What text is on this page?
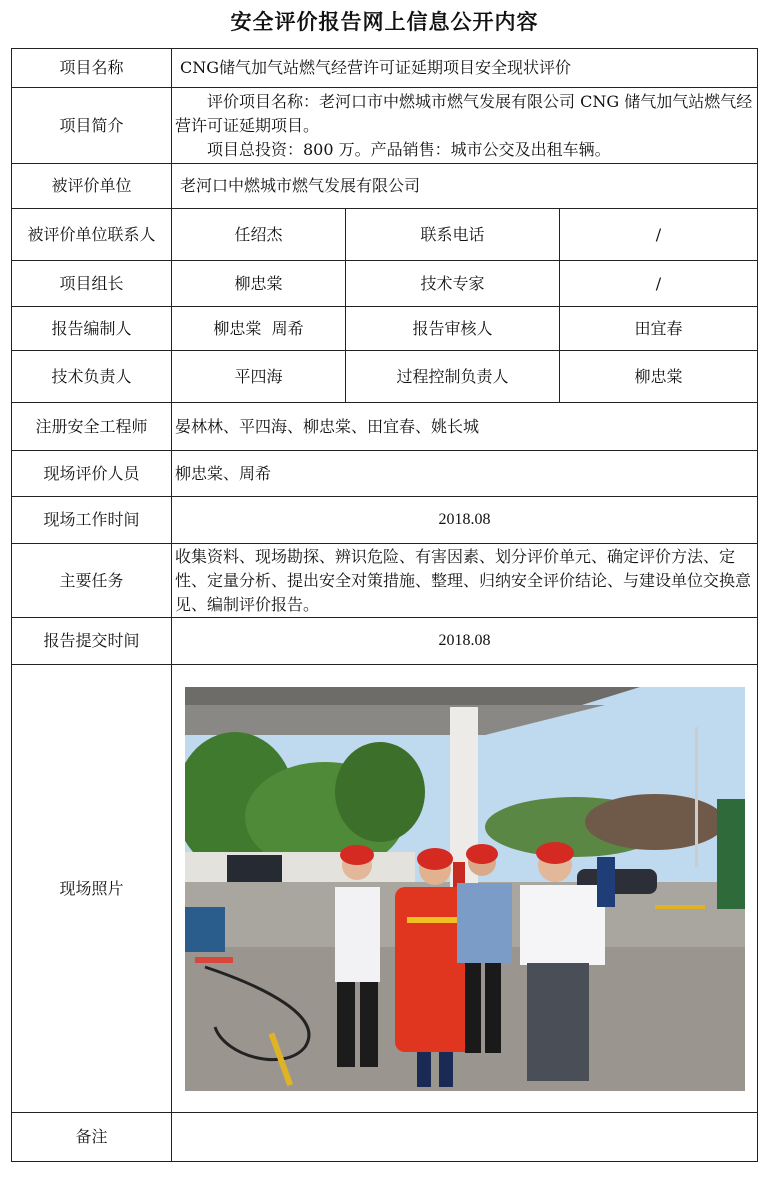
安全评价报告网上信息公开内容
项目名称	CNG储气加气站燃气经营许可证延期项目安全现状评价		
项目简介	评价项目名称：老河口市中燃城市燃气发展有限公司 CNG 储气加气站燃气经营许可证延期项目。
项目总投资：800 万。产品销售：城市公交及出租车辆。		

被评价单位	老河口中燃城市燃气发展有限公司		
被评价单位联系人	任绍杰	联系电话	/
项目组长	柳忠棠	技术专家	/
报告编制人	柳忠棠  周希	报告审核人	田宜春
技术负责人	平四海	过程控制负责人	柳忠棠
注册安全工程师	晏林林、平四海、柳忠棠、田宜春、姚长城		
现场评价人员	柳忠棠、周希		
现场工作时间	2018.08		
主要任务	收集资料、现场勘探、辨识危险、有害因素、划分评价单元、确定评价方法、定性、定量分析、提出安全对策措施、整理、归纳安全评价结论、与建设单位交换意见、编制评价报告。		
报告提交时间	2018.08		
现场照片	

备注			
